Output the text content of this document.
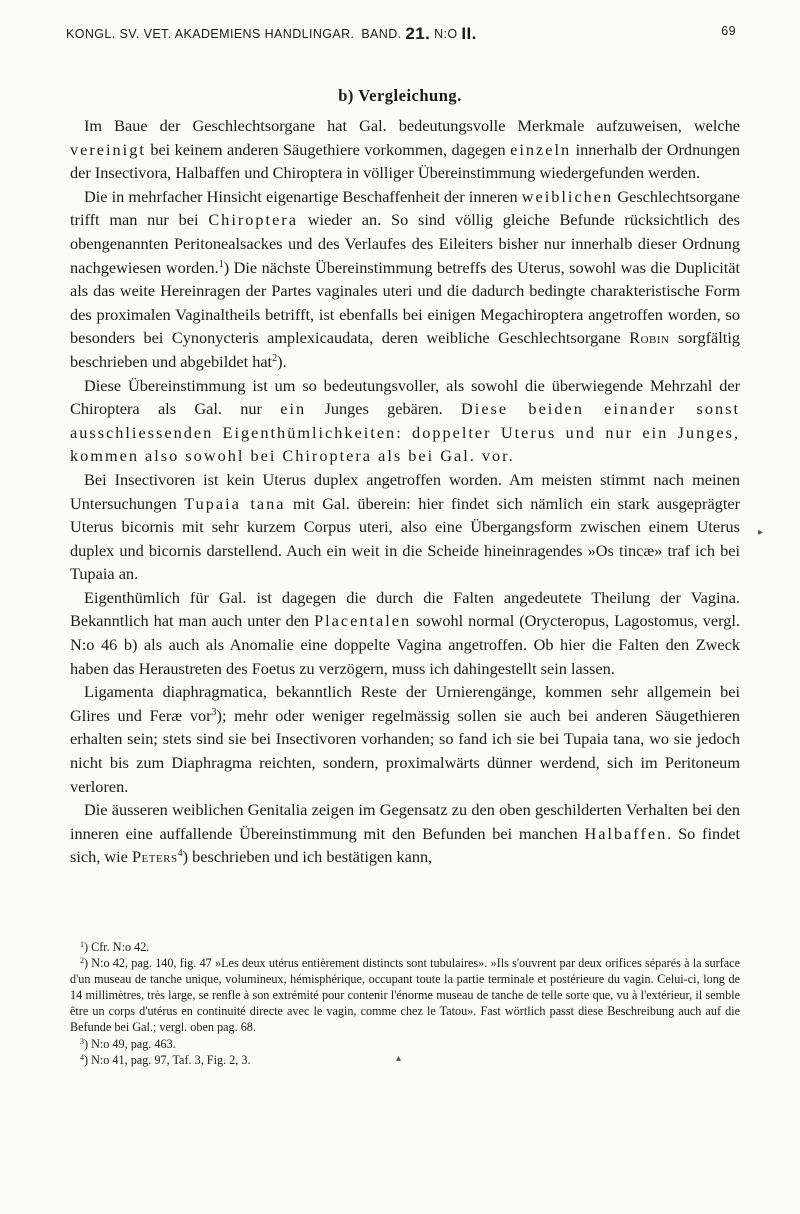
KONGL. SV. VET. AKADEMIENS HANDLINGAR. BAND. 21. N:O II.	69
b) Vergleichung.

Im Baue der Geschlechtsorgane hat Gal. bedeutungsvolle Merkmale aufzuweisen, welche vereinigt bei keinem anderen Säugethiere vorkommen, dagegen einzeln innerhalb der Ordnungen der Insectivora, Halbaffen und Chiroptera in völliger Übereinstimmung wiedergefunden werden.

Die in mehrfacher Hinsicht eigenartige Beschaffenheit der inneren weiblichen Geschlechtsorgane trifft man nur bei Chiroptera wieder an. So sind völlig gleiche Befunde rücksichtlich des obengenannten Peritonealsackes und des Verlaufes des Eileiters bisher nur innerhalb dieser Ordnung nachgewiesen worden.$^1$) Die nächste Übereinstimmung betreffs des Uterus, sowohl was die Duplicität als das weite Hereinragen der Partes vaginales uteri und die dadurch bedingte charakteristische Form des proximalen Vaginaltheils betrifft, ist ebenfalls bei einigen Megachiroptera angetroffen worden, so besonders bei Cynonycteris amplexicaudata, deren weibliche Geschlechtsorgane Robin sorgfältig beschrieben und abgebildet hat$^2$).

Diese Übereinstimmung ist um so bedeutungsvoller, als sowohl die überwiegende Mehrzahl der Chiroptera als Gal. nur ein Junges gebären. Diese beiden einander sonst ausschliessenden Eigenthümlichkeiten: doppelter Uterus und nur ein Junges, kommen also sowohl bei Chiroptera als bei Gal. vor.

Bei Insectivoren ist kein Uterus duplex angetroffen worden. Am meisten stimmt nach meinen Untersuchungen Tupaia tana mit Gal. überein: hier findet sich nämlich ein stark ausgeprägter Uterus bicornis mit sehr kurzem Corpus uteri, also eine Übergangsform zwischen einem Uterus duplex und bicornis darstellend. Auch ein weit in die Scheide hineinragendes »Os tincæ» traf ich bei Tupaia an.

Eigenthümlich für Gal. ist dagegen die durch die Falten angedeutete Theilung der Vagina. Bekanntlich hat man auch unter den Placentalen sowohl normal (Orycteropus, Lagostomus, vergl. N:o 46 b) als auch als Anomalie eine doppelte Vagina angetroffen. Ob hier die Falten den Zweck haben das Heraustreten des Foetus zu verzögern, muss ich dahingestellt sein lassen.

Ligamenta diaphragmatica, bekanntlich Reste der Urnierengänge, kommen sehr allgemein bei Glires und Feræ vor$^3$); mehr oder weniger regelmässig sollen sie auch bei anderen Säugethieren erhalten sein; stets sind sie bei Insectivoren vorhanden; so fand ich sie bei Tupaia tana, wo sie jedoch nicht bis zum Diaphragma reichten, sondern, proximalwärts dünner werdend, sich im Peritoneum verloren.

Die äusseren weiblichen Genitalia zeigen im Gegensatz zu den oben geschilderten Verhalten bei den inneren eine auffallende Übereinstimmung mit den Befunden bei manchen Halbaffen. So findet sich, wie Peters$^4$) beschrieben und ich bestätigen kann,

▸

$^1$) Cfr. N:o 42.

$^2$) N:o 42, pag. 140, fig. 47 »Les deux utérus entièrement distincts sont tubulaires». »Ils s'ouvrent par deux orifices séparés à la surface d'un museau de tanche unique, volumineux, hémisphérique, occupant toute la partie terminale et postérieure du vagin. Celui-ci, long de 14 millimètres, très large, se renfle à son extrémité pour contenir l'énorme museau de tanche de telle sorte que, vu à l'extérieur, il semble être un corps d'utérus en continuité directe avec le vagin, comme chez le Tatou». Fast wörtlich passt diese Beschreibung auch auf die Befunde bei Gal.; vergl. oben pag. 68.

$^3$) N:o 49, pag. 463.

$^4$) N:o 41, pag. 97, Taf. 3, Fig. 2, 3.	▴
